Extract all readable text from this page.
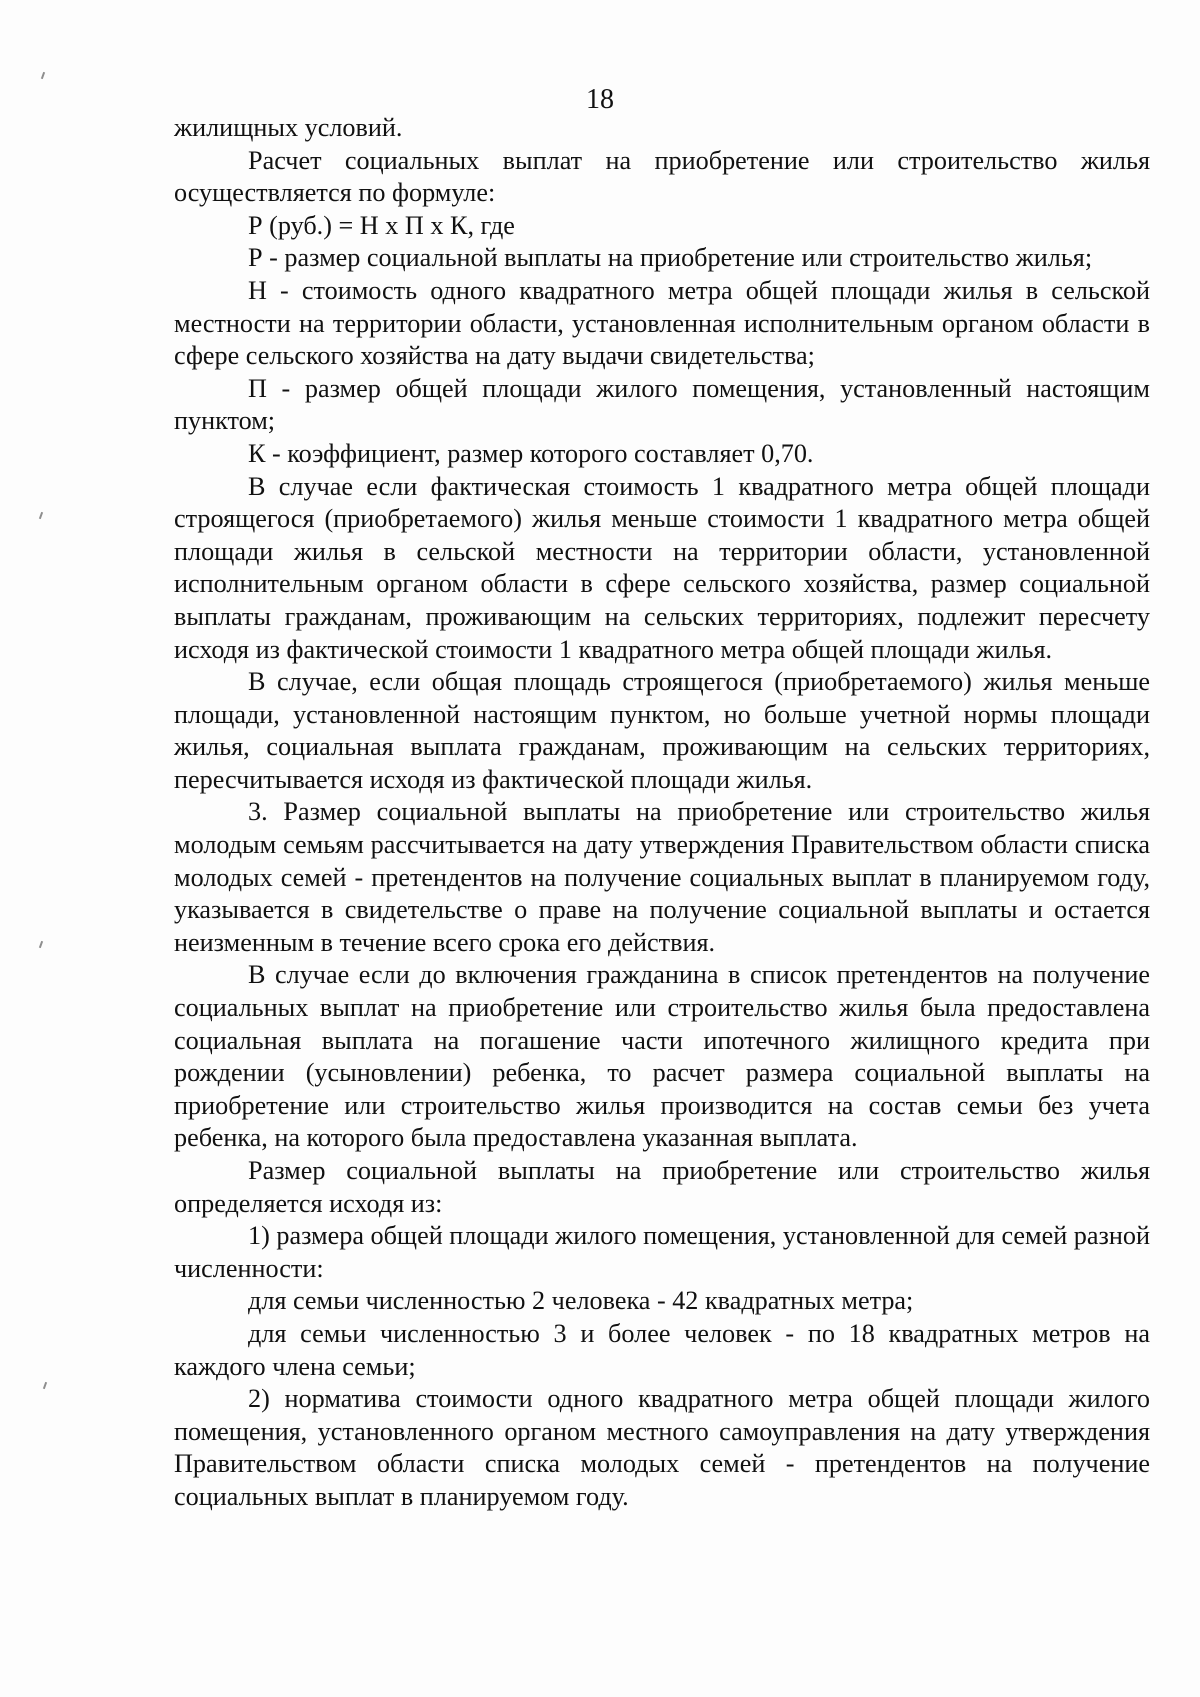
18

жилищных условий.

Расчет социальных выплат на приобретение или строительство жилья осуществляется по формуле:

Р (руб.) = Н х П х К, где

Р - размер социальной выплаты на приобретение или строительство жилья;

Н - стоимость одного квадратного метра общей площади жилья в сельской местности на территории области, установленная исполнительным органом области в сфере сельского хозяйства на дату выдачи свидетельства;

П - размер общей площади жилого помещения, установленный настоящим пунктом;

К - коэффициент, размер которого составляет 0,70.

В случае если фактическая стоимость 1 квадратного метра общей площади строящегося (приобретаемого) жилья меньше стоимости 1 квадратного метра общей площади жилья в сельской местности на территории области, установленной исполнительным органом области в сфере сельского хозяйства, размер социальной выплаты гражданам, проживающим на сельских территориях, подлежит пересчету исходя из фактической стоимости 1 квадратного метра общей площади жилья.

В случае, если общая площадь строящегося (приобретаемого) жилья меньше площади, установленной настоящим пунктом, но больше учетной нормы площади жилья, социальная выплата гражданам, проживающим на сельских территориях, пересчитывается исходя из фактической площади жилья.

3. Размер социальной выплаты на приобретение или строительство жилья молодым семьям рассчитывается на дату утверждения Правительством области списка молодых семей - претендентов на получение социальных выплат в планируемом году, указывается в свидетельстве о праве на получение социальной выплаты и остается неизменным в течение всего срока его действия.

В случае если до включения гражданина в список претендентов на получение социальных выплат на приобретение или строительство жилья была предоставлена социальная выплата на погашение части ипотечного жилищного кредита при рождении (усыновлении) ребенка, то расчет размера социальной выплаты на приобретение или строительство жилья производится на состав семьи без учета ребенка, на которого была предоставлена указанная выплата.

Размер социальной выплаты на приобретение или строительство жилья определяется исходя из:

1) размера общей площади жилого помещения, установленной для семей разной численности:

для семьи численностью 2 человека - 42 квадратных метра;

для семьи численностью 3 и более человек - по 18 квадратных метров на каждого члена семьи;

2) норматива стоимости одного квадратного метра общей площади жилого помещения, установленного органом местного самоуправления на дату утверждения Правительством области списка молодых семей - претендентов на получение социальных выплат в планируемом году.
